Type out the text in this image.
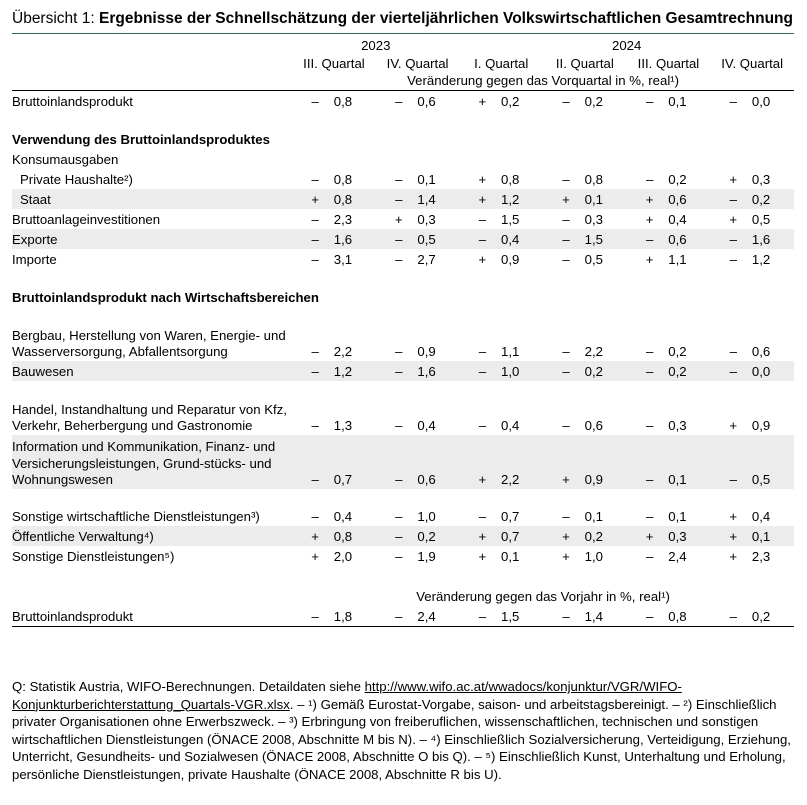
Übersicht 1: Ergebnisse der Schnellschätzung der vierteljährlichen Volkswirtschaftlichen Gesamtrechnung

	2023		2024			
	III. Quartal	IV. Quartal	I. Quartal	II. Quartal	III. Quartal	IV. Quartal
	Veränderung gegen das Vorquartal in %, real¹)					

Bruttoinlandsprodukt	– 0,8	– 0,6	+ 0,2	– 0,2	– 0,1	– 0,0

Verwendung des Bruttoinlandsproduktes						
Konsumausgaben						
Private Haushalte²)	– 0,8	– 0,1	+ 0,8	– 0,8	– 0,2	+ 0,3
Staat	+ 0,8	– 1,4	+ 1,2	+ 0,1	+ 0,6	– 0,2
Bruttoanlageinvestitionen	– 2,3	+ 0,3	– 1,5	– 0,3	+ 0,4	+ 0,5
Exporte	– 1,6	– 0,5	– 0,4	– 1,5	– 0,6	– 1,6
Importe	– 3,1	– 2,7	+ 0,9	– 0,5	+ 1,1	– 1,2

Bruttoinlandsprodukt nach Wirtschaftsbereichen						
Bergbau, Herstellung von Waren, Energie- und Wasserversorgung, Abfallentsorgung	– 2,2	– 0,9	– 1,1	– 2,2	– 0,2	– 0,6
Bauwesen	– 1,2	– 1,6	– 1,0	– 0,2	– 0,2	– 0,0
Handel, Instandhaltung und Reparatur von Kfz, Verkehr, Beherbergung und Gastronomie	– 1,3	– 0,4	– 0,4	– 0,6	– 0,3	+ 0,9
Information und Kommunikation, Finanz- und Versicherungsleistungen, Grund-stücks- und Wohnungswesen	– 0,7	– 0,6	+ 2,2	+ 0,9	– 0,1	– 0,5
Sonstige wirtschaftliche Dienstleistungen³)	– 0,4	– 1,0	– 0,7	– 0,1	– 0,1	+ 0,4
Öffentliche Verwaltung⁴)	+ 0,8	– 0,2	+ 0,7	+ 0,2	+ 0,3	+ 0,1
Sonstige Dienstleistungen⁵)	+ 2,0	– 1,9	+ 0,1	+ 1,0	– 2,4	+ 2,3

	Veränderung gegen das Vorjahr in %, real¹)					
Bruttoinlandsprodukt	– 1,8	– 2,4	– 1,5	– 1,4	– 0,8	– 0,2

Q: Statistik Austria, WIFO-Berechnungen. Detaildaten siehe http://www.wifo.ac.at/wwadocs/konjunktur/VGR/WIFO-Konjunkturberichterstattung_Quartals-VGR.xlsx. – ¹) Gemäß Eurostat-Vorgabe, saison- und arbeitstagsbereinigt. – ²) Einschließlich privater Organisationen ohne Erwerbszweck. – ³) Erbringung von freiberuflichen, wissenschaftlichen, technischen und sonstigen wirtschaftlichen Dienstleistungen (ÖNACE 2008, Abschnitte M bis N). – ⁴) Einschließlich Sozialversicherung, Verteidigung, Erziehung, Unterricht, Gesundheits- und Sozialwesen (ÖNACE 2008, Abschnitte O bis Q). – ⁵) Einschließlich Kunst, Unterhaltung und Erholung, persönliche Dienstleistungen, private Haushalte (ÖNACE 2008, Abschnitte R bis U).
